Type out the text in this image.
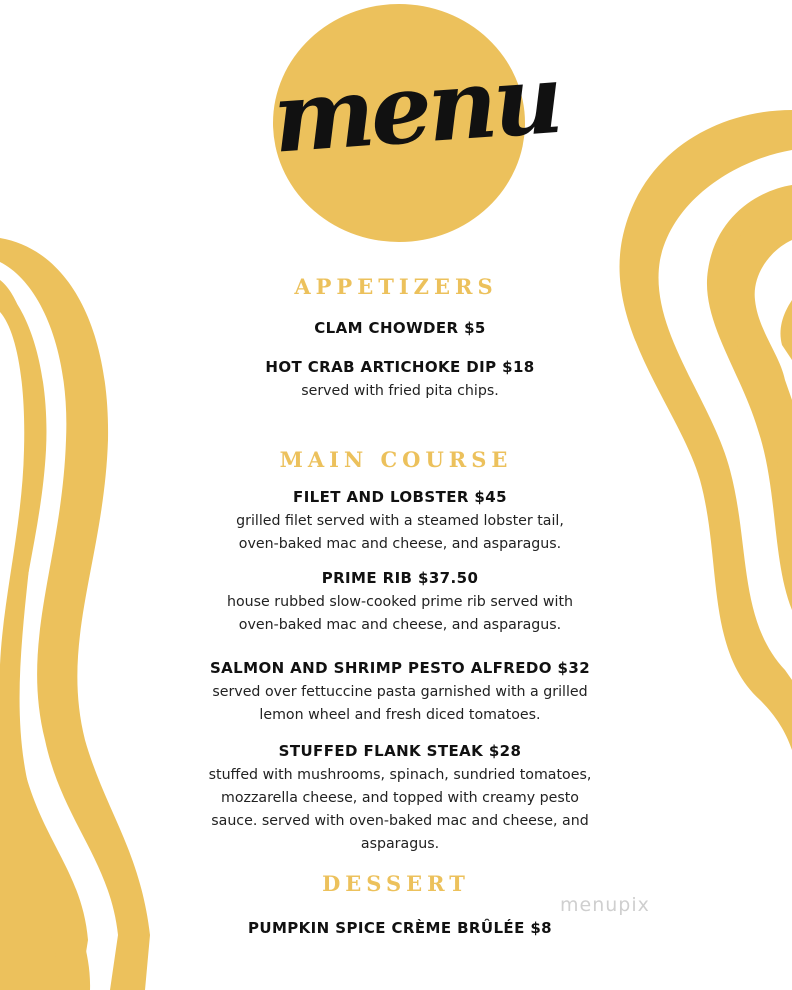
menu
APPETIZERS
CLAM CHOWDER $5
HOT CRAB ARTICHOKE DIP $18
served with fried pita chips.
MAIN COURSE
FILET AND LOBSTER $45
grilled filet served with a steamed lobster tail,
oven-baked mac and cheese, and asparagus.
PRIME RIB $37.50
house rubbed slow-cooked prime rib served with
oven-baked mac and cheese, and asparagus.
SALMON AND SHRIMP PESTO ALFREDO $32
served over fettuccine pasta garnished with a grilled
lemon wheel and fresh diced tomatoes.
STUFFED FLANK STEAK $28
stuffed with mushrooms, spinach, sundried tomatoes,
mozzarella cheese, and topped with creamy pesto
sauce. served with oven-baked mac and cheese, and
asparagus.
DESSERT
PUMPKIN SPICE CRÈME BRÛLÉE $8
menupix
